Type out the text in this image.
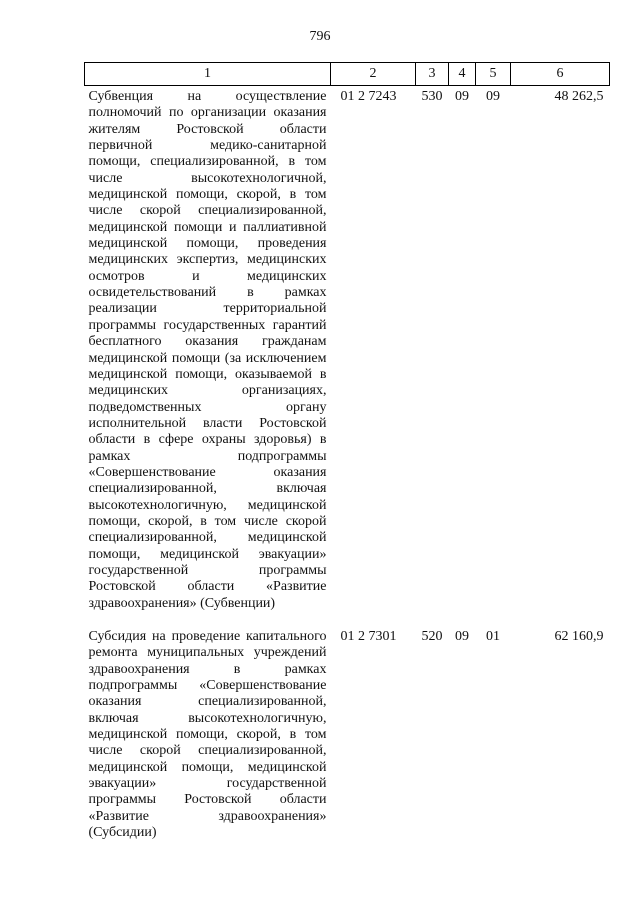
796
1	2	3	4	5	6
Субвенция на осуществление полномочий по организации оказания жителям Ростовской области первичной медико-санитарной помощи, специализированной, в том числе высокотехнологичной, медицинской помощи, скорой, в том числе скорой специализированной, медицинской помощи и паллиативной медицинской помощи, проведения медицинских экспертиз, медицинских осмотров и медицинских освидетельствований в рамках реализации территориальной программы государственных гарантий бесплатного оказания гражданам медицинской помощи (за исключением медицинской помощи, оказываемой в медицинских организациях, подведомственных органу исполнительной власти Ростовской области в сфере охраны здоровья) в рамках подпрограммы «Совершенствование оказания специализированной, включая высокотехнологичную, медицинской помощи, скорой, в том числе скорой специализированной, медицинской помощи, медицинской эвакуации» государственной программы Ростовской области «Развитие здравоохранения» (Субвенции)	01 2 7243	530	09	09	48 262,5
Субсидия на проведение капитального ремонта муниципальных учреждений здравоохранения в рамках подпрограммы «Совершенствование оказания специализированной, включая высокотехнологичную, медицинской помощи, скорой, в том числе скорой специализированной, медицинской помощи, медицинской эвакуации» государственной программы Ростовской области «Развитие здравоохранения» (Субсидии)	01 2 7301	520	09	01	62 160,9
